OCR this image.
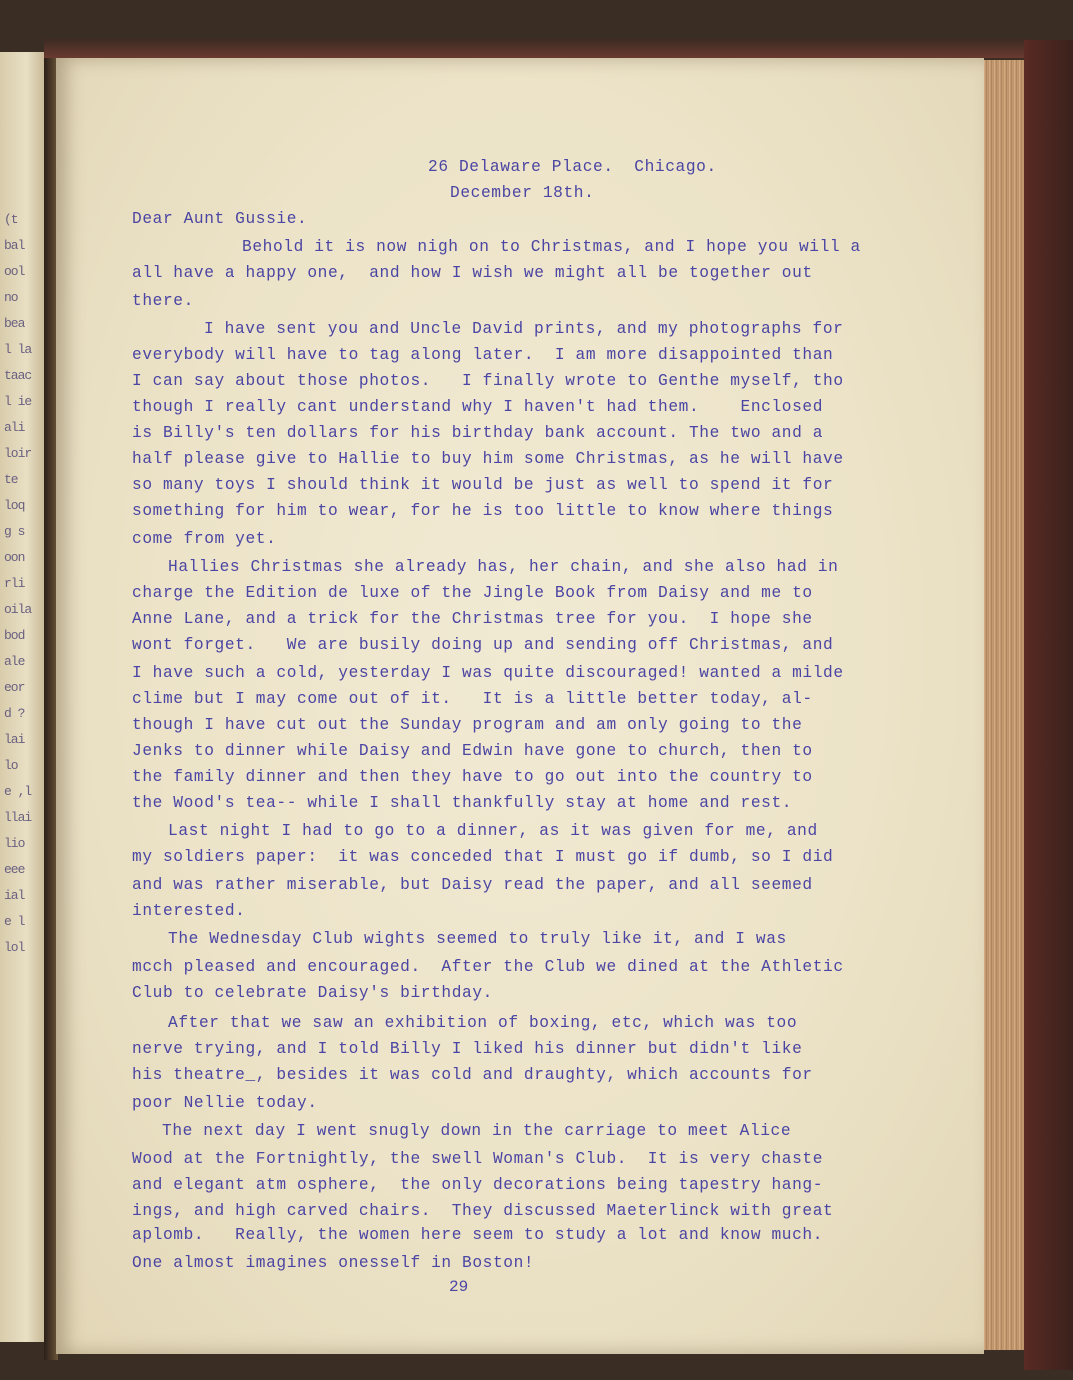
(t
bal
ool
no
bea
l la
taac
l ie
ali
loir
te
loq
g s
oon
rli
oila
bod
ale
eor
d ?
lai
lo
e ,l
llai
lio
eee
ial
e l
lol
26 Delaware Place.  Chicago.
December 18th.
Dear Aunt Gussie.
Behold it is now nigh on to Christmas, and I hope you will a
all have a happy one,  and how I wish we might all be together out
there.
I have sent you and Uncle David prints, and my photographs for
everybody will have to tag along later.  I am more disappointed than
I can say about those photos.   I finally wrote to Genthe myself, tho
though I really cant understand why I haven't had them.    Enclosed
is Billy's ten dollars for his birthday bank account. The two and a
half please give to Hallie to buy him some Christmas, as he will have
so many toys I should think it would be just as well to spend it for
something for him to wear, for he is too little to know where things
come from yet.
Hallies Christmas she already has, her chain, and she also had in
charge the Edition de luxe of the Jingle Book from Daisy and me to
Anne Lane, and a trick for the Christmas tree for you.  I hope she
wont forget.   We are busily doing up and sending off Christmas, and
I have such a cold, yesterday I was quite discouraged! wanted a milde
clime but I may come out of it.   It is a little better today, al-
though I have cut out the Sunday program and am only going to the
Jenks to dinner while Daisy and Edwin have gone to church, then to
the family dinner and then they have to go out into the country to
the Wood's tea-- while I shall thankfully stay at home and rest.
Last night I had to go to a dinner, as it was given for me, and
my soldiers paper:  it was conceded that I must go if dumb, so I did
and was rather miserable, but Daisy read the paper, and all seemed
interested.
The Wednesday Club wights seemed to truly like it, and I was
mcch pleased and encouraged.  After the Club we dined at the Athletic
Club to celebrate Daisy's birthday.
After that we saw an exhibition of boxing, etc, which was too
nerve trying, and I told Billy I liked his dinner but didn't like
his theatre_, besides it was cold and draughty, which accounts for
poor Nellie today.
The next day I went snugly down in the carriage to meet Alice
Wood at the Fortnightly, the swell Woman's Club.  It is very chaste
and elegant atm osphere,  the only decorations being tapestry hang-
ings, and high carved chairs.  They discussed Maeterlinck with great
aplomb.   Really, the women here seem to study a lot and know much.
One almost imagines onesself in Boston!
29
